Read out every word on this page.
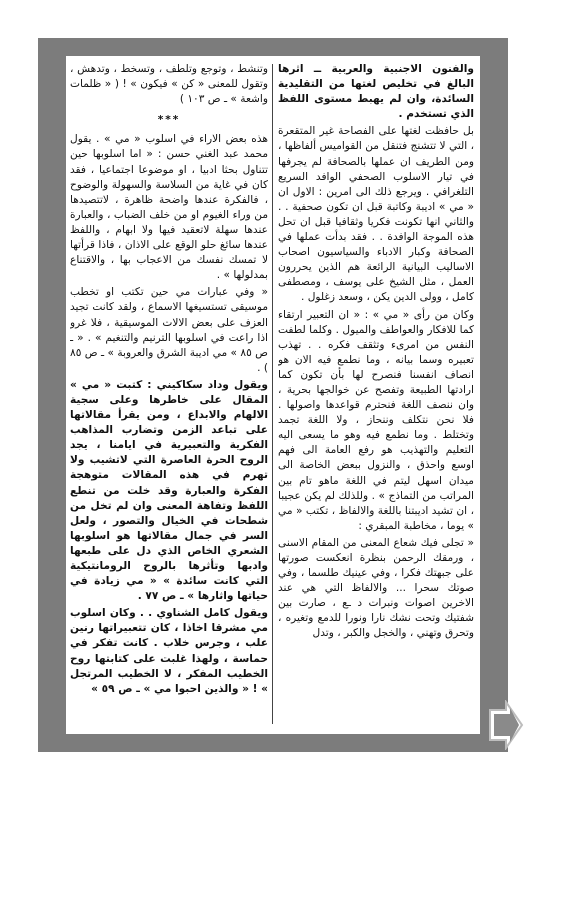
والفنون الاجنبية والعربية ــ اثرها البالغ في تخليص لغتها من التقليدية السائدة، وان لم يهبط مستوى اللفظ الذي تستخدم .

بل حافظت لغتها على الفصاحة غير المتقعرة ، التي لا تتشنج فتنقل من القواميس ألفاظها ، ومن الطريف ان عملها بالصحافة لم يجرفها في تيار الاسلوب الصحفي الوافد السريع التلغرافي . ويرجع ذلك الى امرين : الاول ان « مي » اديبة وكاتبة قبل ان تكون صحفية . . والثاني انها تكونت فكريا وثقافيا قبل ان تحل هذه الموجة الوافدة . . فقد بدأت عملها في الصحافة وكبار الادباء والسياسيون اصحاب الاساليب البيانية الرائعة هم الذين يحررون العمل ، مثل الشيخ على يوسف ، ومصطفى كامل ، وولى الدين يكن ، وسعد زغلول .

وكان من رأى « مي » : « ان التعبير ارتقاء كما للافكار والعواطف والميول . وكلما لطفت النفس من امرىء وتثقف فكره . . تهذب تعبيره وسما بيانه ، وما نطمع فيه الان هو انصاف انفسنا فنصرح لها بأن تكون كما ارادتها الطبيعة وتفصح عن خوالجها بحرية ، وان ننصف اللغة فنحترم قواعدها واصولها . فلا نحن نتكلف وننحاز ، ولا اللغة تجمد وتختلط . وما نطمع فيه وهو ما يسعى اليه التعليم والتهذيب هو رفع العامة الى فهم اوسع واحذق ، والنزول ببعض الخاصة الى ميدان اسهل ليتم في اللغة ماهو تام بين المراتب من التماذج » . وللذلك لم يكن عجيبا ، ان تشيد اديبتنا باللغة والالفاظ ، تكتب « مي » يوما ، مخاطبة المبقري :

« تجلى فيك شعاع المعنى من المقام الاسنى ، ورمقك الرحمن بنظرة انعكست صورتها على جبهتك فكرا ، وفي عينيك طلسما ، وفي صوتك سحرا ... والالفاظ التي هي عند الاخرين اصوات ونبرات د ـع ، صارت بين شفتيك وتحت نشك نارا ونورا للدمع وتغيره ، وتحرق وتهني ، والخجل والكبر ، وتدل

وتنشط ، وتوجع وتلطف ، وتسخط ، وتدهش ، وتقول للمعنى « كن » فيكون » ! ( « ظلمات واشعة » ـ ص ١٠٣ )

***

هذه بعض الاراء في اسلوب « مي » . يقول محمد عبد الغني حسن : « اما اسلوبها حين تتناول بحثا ادبيا ، او موضوعا اجتماعيا ، فقد كان في غاية من السلاسة والسهولة والوضوح ، فالفكرة عندها واضحة ظاهرة ، لاتتصيدها من وراء الغيوم او من خلف الضباب ، والعبارة عندها سهلة لاتعقيد فيها ولا ابهام ، واللفظ عندها سائغ حلو الوقع على الاذان ، فاذا قرأتها لا تمسك نفسك من الاعجاب بها ، والاقتناع بمدلولها » .

« وفي عبارات مي حين تكتب او تخطب موسيقى تستسيغها الاسماع ، ولقد كانت تجيد العزف على بعض الالات الموسيقية ، فلا غرو اذا راعت في اسلوبها الترنيم والتنغيم » . « ـ ص ٨٥ » مي اديبة الشرق والعروبة » ـ ص ٨٥ ) .

ويقول وداد سكاكيني : كتبت « مي » المقال على خاطرها وعلى سجية الالهام والابداع ، ومن يقرأ مقالاتها على تباعد الزمن وتضارب المذاهب الفكرية والتعبيرية في ايامنا ، يجد الروح الحرة العاصرة التي لاتشيب ولا تهرم في هذه المقالات متوهجة الفكرة والعبارة وقد خلت من تنطع اللفظ وتفاهة المعنى وان لم تخل من شطحات في الخيال والتصور ، ولعل السر في جمال مقالاتها هو اسلوبها الشعري الخاص الذي دل على طبعها وادبها وتأثرها بالروح الرومانتيكية التي كانت سائدة » « مي زيادة في حياتها واثارها » ـ ص ٧٧ .

ويقول كامل الشناوي . . وكان اسلوب مي مشرقا اخاذا ، كان تتعبيراتها رنين علب ، وجرس خلاب . كانت تفكر في حماسة ، ولهذا غلبت على كتابتها روح الخطيب المفكر ، لا الخطيب المرتجل » ! « والذين احبوا مي » ـ ص ٥٩ »
